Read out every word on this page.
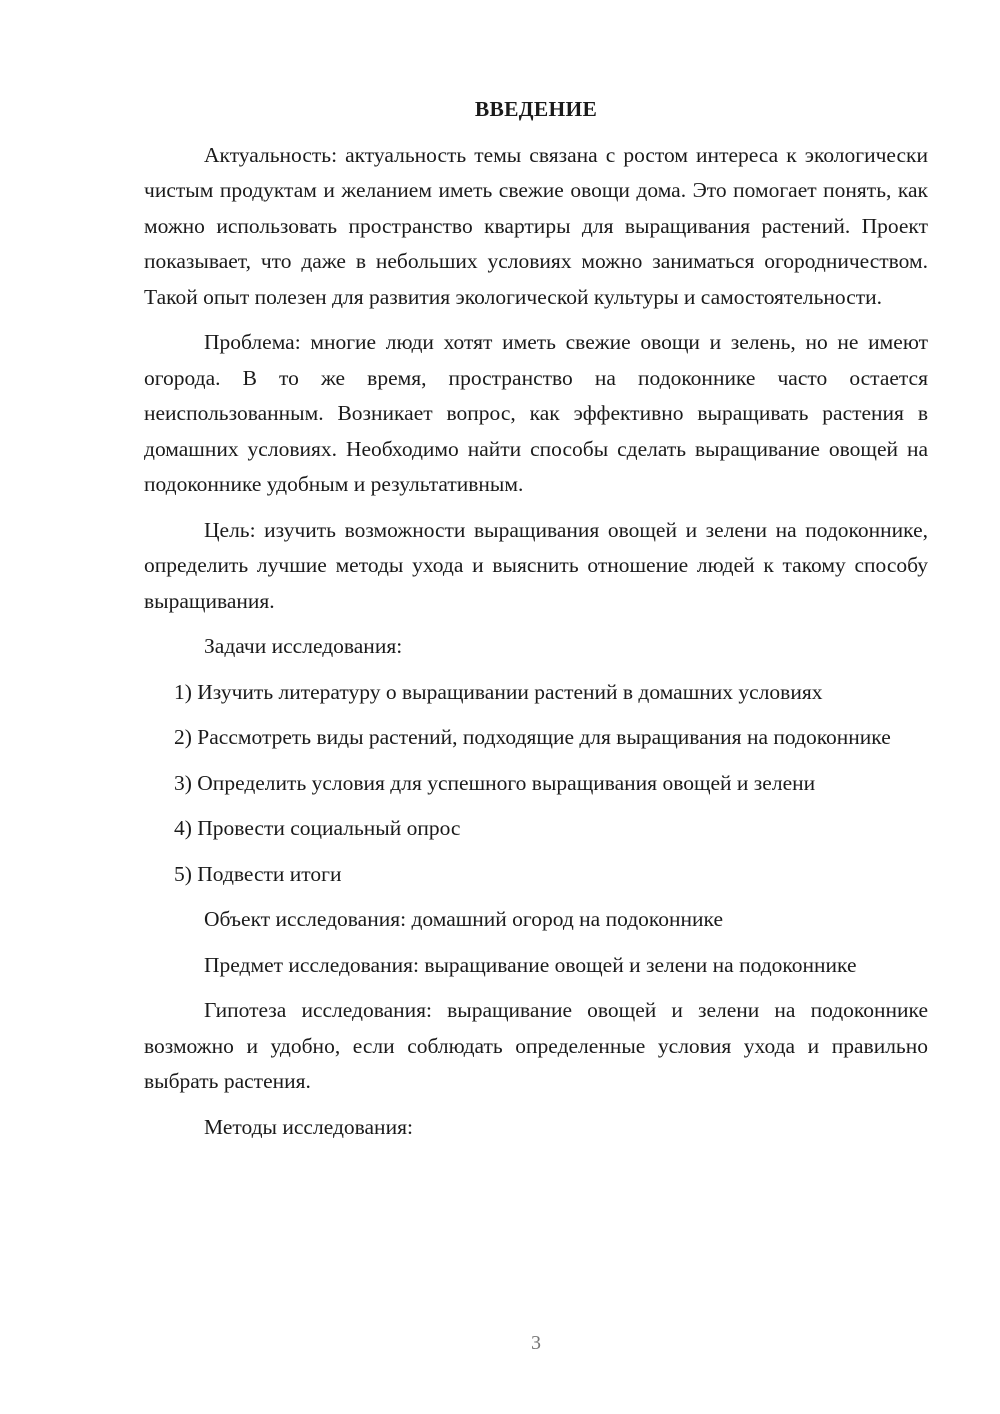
ВВЕДЕНИЕ

Актуальность: актуальность темы связана с ростом интереса к экологически чистым продуктам и желанием иметь свежие овощи дома. Это помогает понять, как можно использовать пространство квартиры для выращивания растений. Проект показывает, что даже в небольших условиях можно заниматься огородничеством. Такой опыт полезен для развития экологической культуры и самостоятельности.

Проблема: многие люди хотят иметь свежие овощи и зелень, но не имеют огорода. В то же время, пространство на подоконнике часто остается неиспользованным. Возникает вопрос, как эффективно выращивать растения в домашних условиях. Необходимо найти способы сделать выращивание овощей на подоконнике удобным и результативным.

Цель: изучить возможности выращивания овощей и зелени на подоконнике, определить лучшие методы ухода и выяснить отношение людей к такому способу выращивания.

Задачи исследования:

1) Изучить литературу о выращивании растений в домашних условиях

2) Рассмотреть виды растений, подходящие для выращивания на подоконнике

3) Определить условия для успешного выращивания овощей и зелени

4) Провести социальный опрос

5) Подвести итоги

Объект исследования: домашний огород на подоконнике

Предмет исследования: выращивание овощей и зелени на подоконнике

Гипотеза исследования: выращивание овощей и зелени на подоконнике возможно и удобно, если соблюдать определенные условия ухода и правильно выбрать растения.

Методы исследования:

3
